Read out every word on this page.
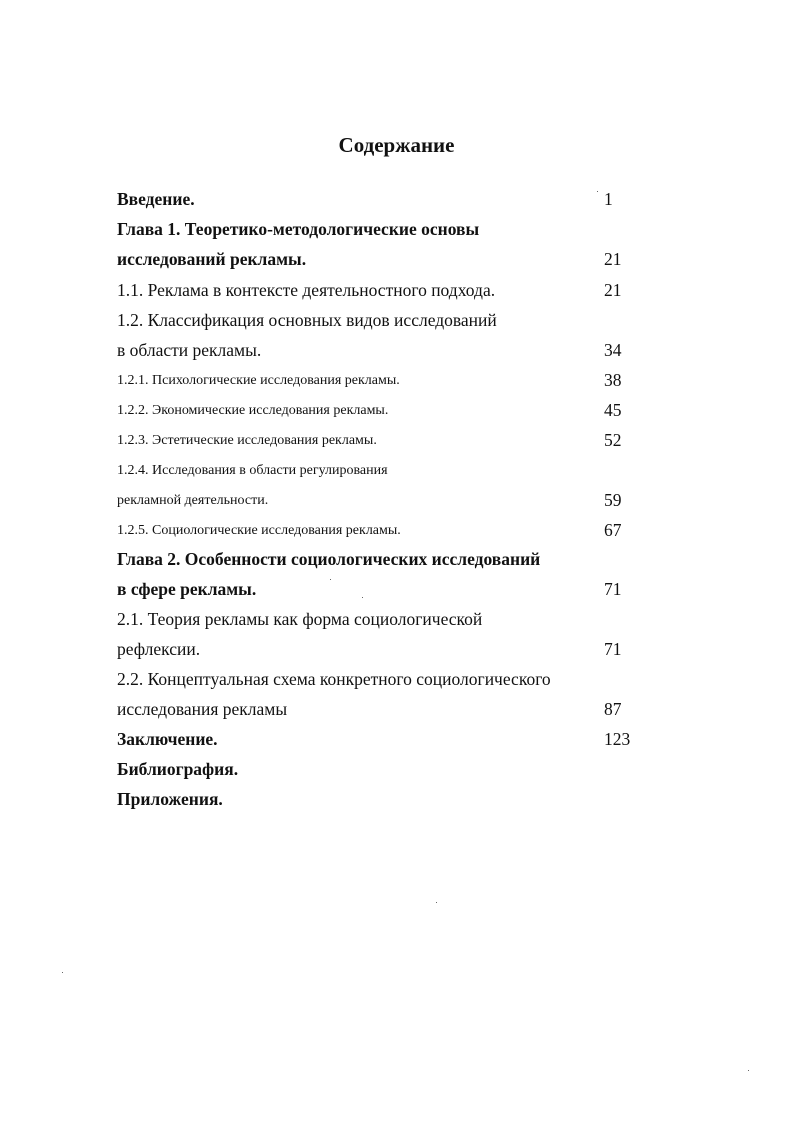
Содержание
Введение.	1
Глава 1. Теоретико-методологические основы
исследований рекламы.	21
1.1. Реклама в контексте деятельностного подхода.	21
1.2. Классификация основных видов исследований
в области рекламы.	34
1.2.1. Психологические исследования рекламы.	38
1.2.2. Экономические исследования рекламы.	45
1.2.3. Эстетические исследования рекламы.	52
1.2.4. Исследования в области регулирования
рекламной деятельности.	59
1.2.5. Социологические исследования рекламы.	67
Глава 2. Особенности социологических исследований
в сфере рекламы.	71
2.1. Теория рекламы как форма социологической
рефлексии.	71
2.2. Концептуальная схема конкретного социологического
исследования рекламы	87
Заключение.	123
Библиография.
Приложения.
